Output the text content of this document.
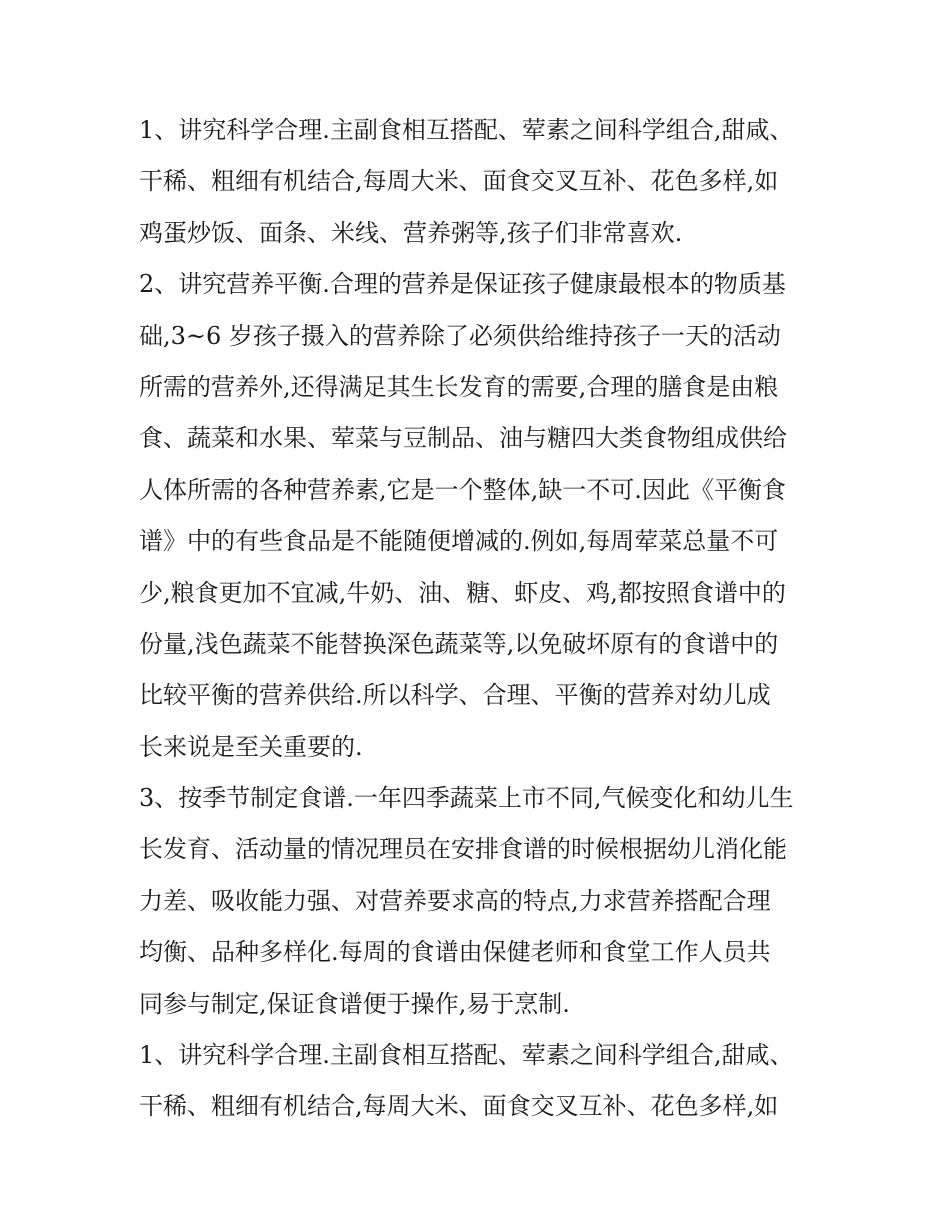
1、讲究科学合理.主副食相互搭配、荤素之间科学组合,甜咸、
干稀、粗细有机结合,每周大米、面食交叉互补、花色多样,如
鸡蛋炒饭、面条、米线、营养粥等,孩子们非常喜欢.
2、讲究营养平衡.合理的营养是保证孩子健康最根本的物质基
础,3~6 岁孩子摄入的营养除了必须供给维持孩子一天的活动
所需的营养外,还得满足其生长发育的需要,合理的膳食是由粮
食、蔬菜和水果、荤菜与豆制品、油与糖四大类食物组成供给
人体所需的各种营养素,它是一个整体,缺一不可.因此《平衡食
谱》中的有些食品是不能随便增减的.例如,每周荤菜总量不可
少,粮食更加不宜减,牛奶、油、糖、虾皮、鸡,都按照食谱中的
份量,浅色蔬菜不能替换深色蔬菜等,以免破坏原有的食谱中的
比较平衡的营养供给.所以科学、合理、平衡的营养对幼儿成
长来说是至关重要的.
3、按季节制定食谱.一年四季蔬菜上市不同,气候变化和幼儿生
长发育、活动量的情况理员在安排食谱的时候根据幼儿消化能
力差、吸收能力强、对营养要求高的特点,力求营养搭配合理
均衡、品种多样化.每周的食谱由保健老师和食堂工作人员共
同参与制定,保证食谱便于操作,易于烹制.
1、讲究科学合理.主副食相互搭配、荤素之间科学组合,甜咸、
干稀、粗细有机结合,每周大米、面食交叉互补、花色多样,如
